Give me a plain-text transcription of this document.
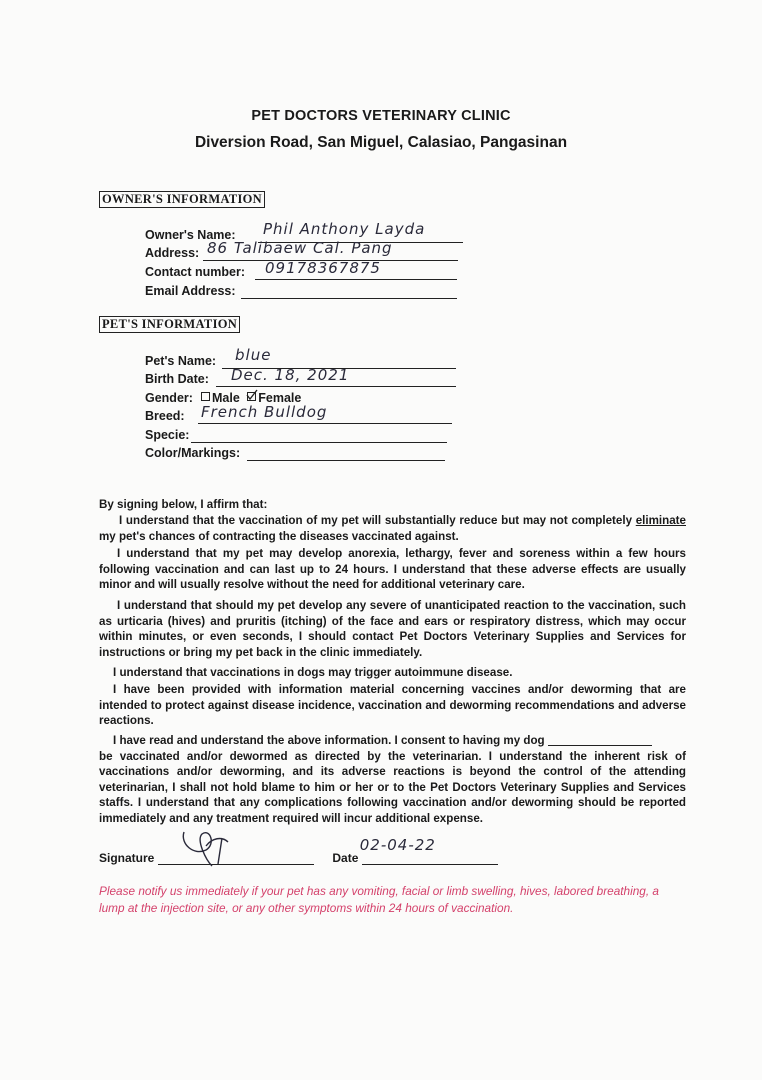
PET DOCTORS VETERINARY CLINIC
Diversion Road, San Miguel, Calasiao, Pangasinan
OWNER'S INFORMATION
Owner's Name: Phil Anthony Layda
Address: 86 Talibaew Cal. Pang
Contact number: 09178367875
Email Address:
PET'S INFORMATION
Pet's Name: blue
Birth Date: Dec. 18, 2021
Gender:	Male Female
Breed: French Bulldog
Specie:
Color/Markings:
By signing below, I affirm that:
I understand that the vaccination of my pet will substantially reduce but may not completely eliminate my pet's chances of contracting the diseases vaccinated against.
I understand that my pet may develop anorexia, lethargy, fever and soreness within a few hours following vaccination and can last up to 24 hours. I understand that these adverse effects are usually minor and will usually resolve without the need for additional veterinary care.
I understand that should my pet develop any severe of unanticipated reaction to the vaccination, such as urticaria (hives) and pruritis (itching) of the face and ears or respiratory distress, which may occur within minutes, or even seconds, I should contact Pet Doctors Veterinary Supplies and Services for instructions or bring my pet back in the clinic immediately.
I understand that vaccinations in dogs may trigger autoimmune disease.
I have been provided with information material concerning vaccines and/or deworming that are intended to protect against disease incidence, vaccination and deworming recommendations and adverse reactions.
I have read and understand the above information. I consent to having my dog
be vaccinated and/or dewormed as directed by the veterinarian. I understand the inherent risk of vaccinations and/or deworming, and its adverse reactions is beyond the control of the attending veterinarian, I shall not hold blame to him or her or to the Pet Doctors Veterinary Supplies and Services staffs. I understand that any complications following vaccination and/or deworming should be reported immediately and any treatment required will incur additional expense.
Signature	Date
02-04-22
Please notify us immediately if your pet has any vomiting, facial or limb swelling, hives, labored breathing, a lump at the injection site, or any other symptoms within 24 hours of vaccination.
